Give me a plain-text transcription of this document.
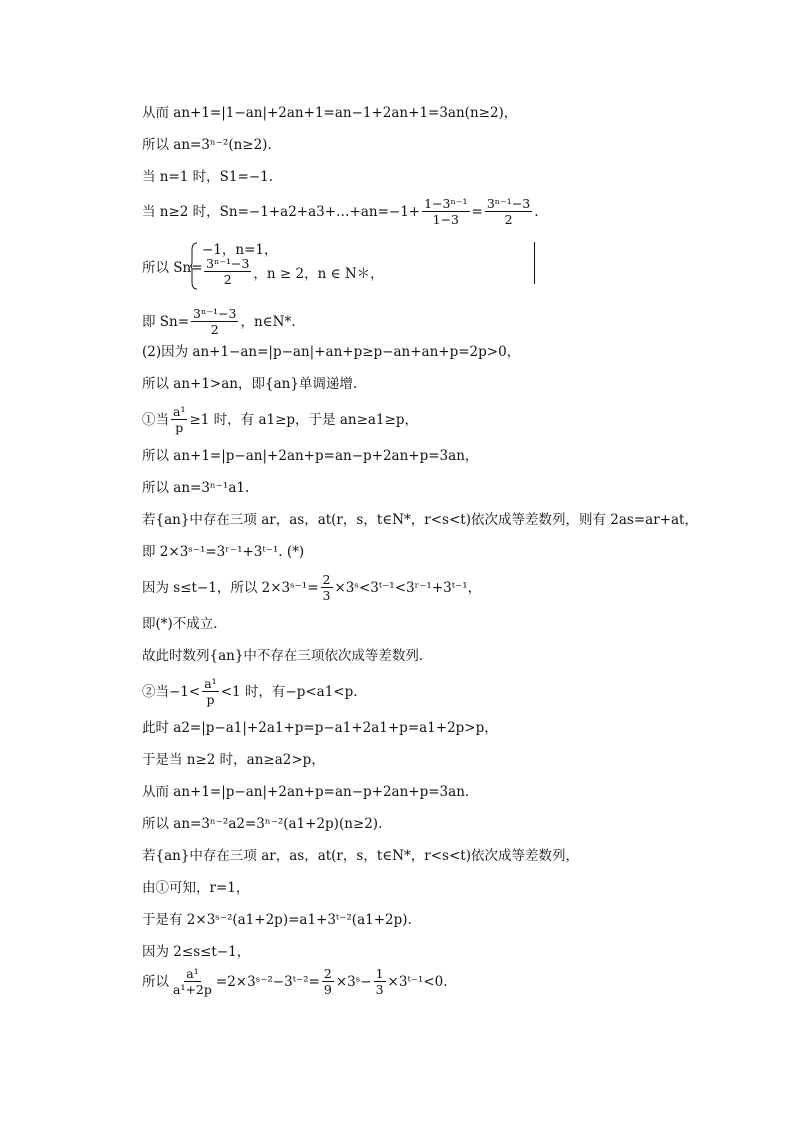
从而 an+1=|1−an|+2an+1=an−1+2an+1=3an(n≥2)，
所以 an=3ⁿ⁻²(n≥2).
当 n=1 时，S1=−1.
当 n≥2 时，Sn=−1+a2+a3+…+an=−1+ $\frac{\text{1−3ⁿ⁻¹}}{1-3} = \frac{\text{3ⁿ⁻¹−3}}{2}$ .
所以 Sn=
−1，n=1，
$\frac{\text{3ⁿ⁻¹−3}}{2}$ ，n ≥ 2，n ∈ N＊，
即 $Sn= \frac{\text{3ⁿ⁻¹−3}}{2}$ ，n∈N*.
(2)因为 an+1−an=|p−an|+an+p≥p−an+an+p=2p>0，
所以 an+1>an，即{an}单调递增.
①当 $\frac{\text{a¹}}{p} \ge 1$ 时，有 a1≥p，于是 an≥a1≥p，
所以 an+1=|p−an|+2an+p=an−p+2an+p=3an，
所以 an=3ⁿ⁻¹a1.
若{an}中存在三项 ar，as，at(r，s，t∈N*，r<s<t)依次成等差数列，则有 2as=ar+at，
即 2×3ˢ⁻¹=3ʳ⁻¹+3ᵗ⁻¹. (*)
因为 s≤t−1，所以 2×3ˢ⁻¹= $\frac{2}{3}$ ×3ˢ<3ᵗ⁻¹<3ʳ⁻¹+3ᵗ⁻¹，
即(*)不成立.
故此时数列{an}中不存在三项依次成等差数列.
②当$-1< \frac{\text{a¹}}{p} <1$ 时，有−p<a1<p.
此时 a2=|p−a1|+2a1+p=p−a1+2a1+p=a1+2p>p，
于是当 n≥2 时，an≥a2>p，
从而 an+1=|p−an|+2an+p=an−p+2an+p=3an.
所以 an=3ⁿ⁻²a2=3ⁿ⁻²(a1+2p)(n≥2).
若{an}中存在三项 ar，as，at(r，s，t∈N*，r<s<t)依次成等差数列，
由①可知，r=1，
于是有 2×3ˢ⁻²(a1+2p)=a1+3ᵗ⁻²(a1+2p).
因为 2≤s≤t−1，
所以 $\frac{\text{a¹}}{\text{a¹+2p}}$ =2×3ˢ⁻²−3ᵗ⁻²= $\frac{2}{9}$ ×3ˢ− $\frac{1}{3}$ ×3ᵗ⁻¹<0.
